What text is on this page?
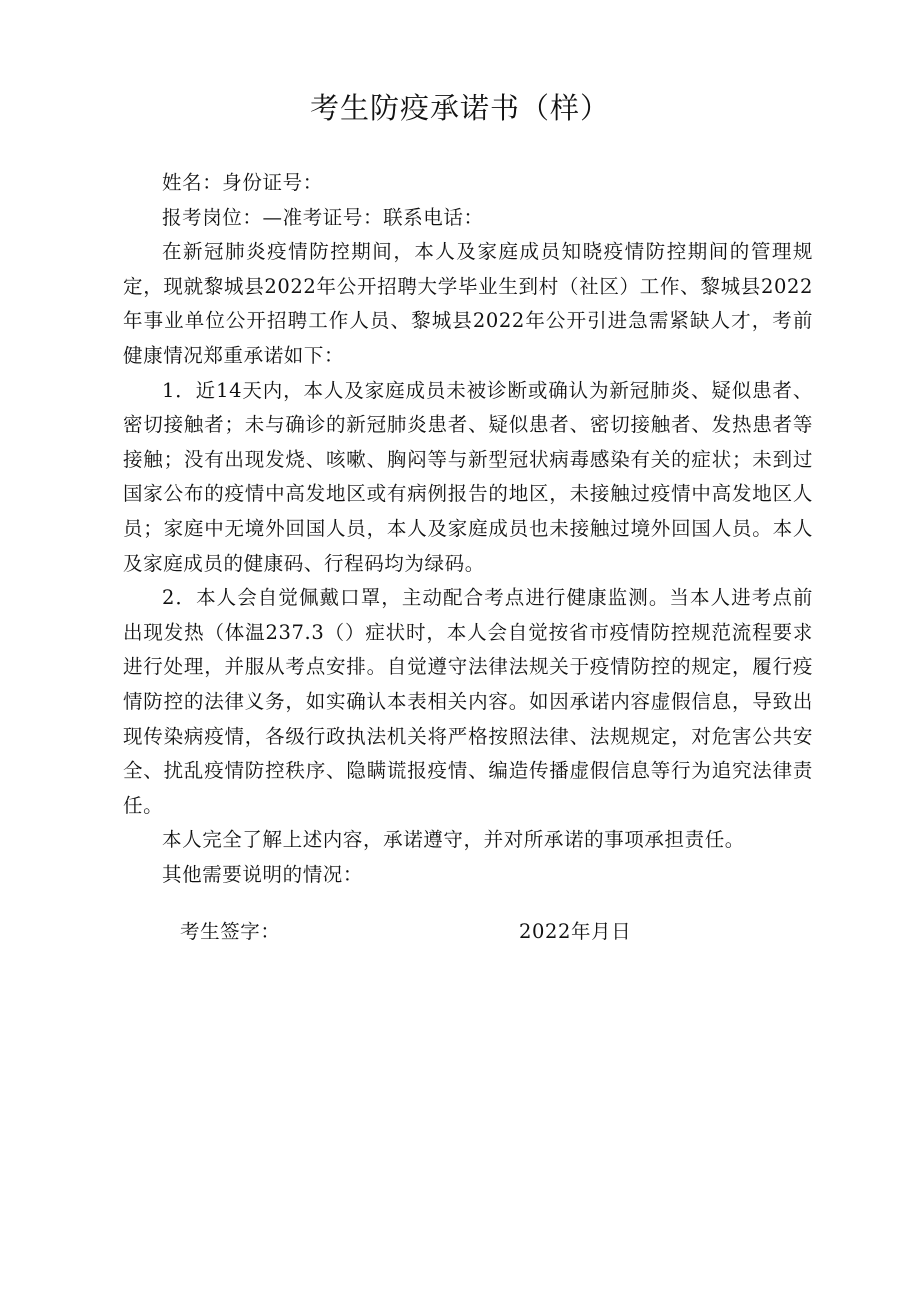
考生防疫承诺书（样）

姓名：身份证号：

报考岗位：—准考证号：联系电话：

在新冠肺炎疫情防控期间，本人及家庭成员知晓疫情防控期间的管理规定，现就黎城县2022年公开招聘大学毕业生到村（社区）工作、黎城县2022年事业单位公开招聘工作人员、黎城县2022年公开引进急需紧缺人才，考前健康情况郑重承诺如下：

1．近14天内，本人及家庭成员未被诊断或确认为新冠肺炎、疑似患者、密切接触者；未与确诊的新冠肺炎患者、疑似患者、密切接触者、发热患者等接触；没有出现发烧、咳嗽、胸闷等与新型冠状病毒感染有关的症状；未到过国家公布的疫情中高发地区或有病例报告的地区，未接触过疫情中高发地区人员；家庭中无境外回国人员，本人及家庭成员也未接触过境外回国人员。本人及家庭成员的健康码、行程码均为绿码。

2．本人会自觉佩戴口罩，主动配合考点进行健康监测。当本人进考点前出现发热（体温237.3（）症状时，本人会自觉按省市疫情防控规范流程要求进行处理，并服从考点安排。自觉遵守法律法规关于疫情防控的规定，履行疫情防控的法律义务，如实确认本表相关内容。如因承诺内容虚假信息，导致出现传染病疫情，各级行政执法机关将严格按照法律、法规规定，对危害公共安全、扰乱疫情防控秩序、隐瞒谎报疫情、编造传播虚假信息等行为追究法律责任。

本人完全了解上述内容，承诺遵守，并对所承诺的事项承担责任。

其他需要说明的情况：

考生签字：	2022年月日
